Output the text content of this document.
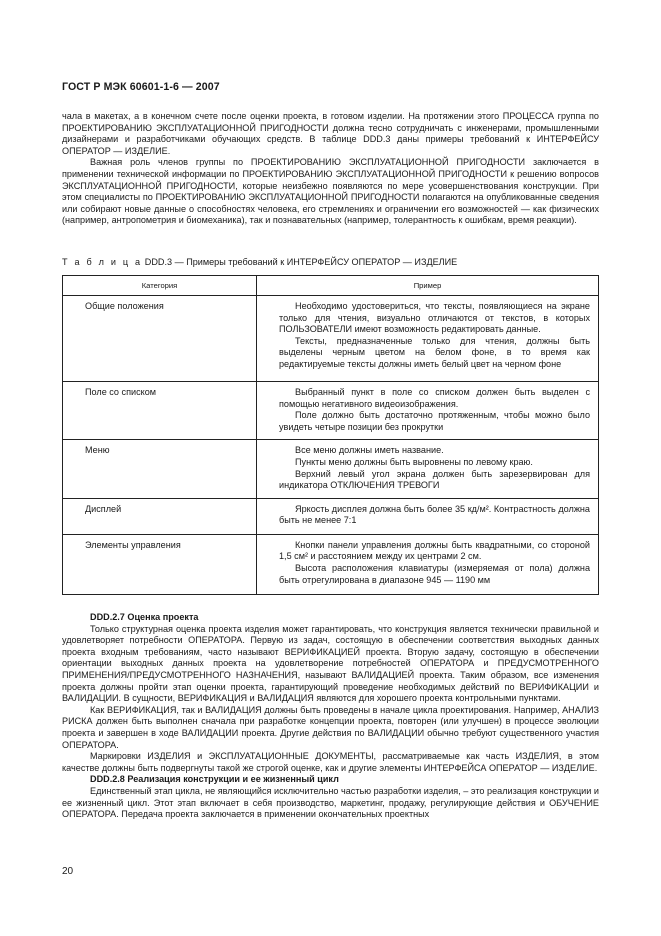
ГОСТ Р МЭК 60601-1-6 — 2007

чала в макетах, а в конечном счете после оценки проекта, в готовом изделии. На протяжении этого ПРОЦЕССА группа по ПРОЕКТИРОВАНИЮ ЭКСПЛУАТАЦИОННОЙ ПРИГОДНОСТИ должна тесно сотрудничать с инженерами, промышленными дизайнерами и разработчиками обучающих средств. В таблице DDD.3 даны примеры требований к ИНТЕРФЕЙСУ ОПЕРАТОР — ИЗДЕЛИЕ.

Важная роль членов группы по ПРОЕКТИРОВАНИЮ ЭКСПЛУАТАЦИОННОЙ ПРИГОДНОСТИ заключается в применении технической информации по ПРОЕКТИРОВАНИЮ ЭКСПЛУАТАЦИОННОЙ ПРИГОДНОСТИ к решению вопросов ЭКСПЛУАТАЦИОННОЙ ПРИГОДНОСТИ, которые неизбежно появляются по мере усовершенствования конструкции. При этом специалисты по ПРОЕКТИРОВАНИЮ ЭКСПЛУАТАЦИОННОЙ ПРИГОДНОСТИ полагаются на опубликованные сведения или собирают новые данные о способностях человека, его стремлениях и ограничении его возможностей — как физических (например, антропометрия и биомеханика), так и познавательных (например, толерантность к ошибкам, время реакции).

Т а б л и ц а DDD.3 — Примеры требований к ИНТЕРФЕЙСУ ОПЕРАТОР — ИЗДЕЛИЕ
Категория	Пример
Общие положения	Необходимо удостовериться, что тексты, появляющиеся на экране только для чтения, визуально отличаются от текстов, в которых ПОЛЬЗОВАТЕЛИ имеют возможность редактировать данные.

Тексты, предназначенные только для чтения, должны быть выделены черным цветом на белом фоне, в то время как редактируемые тексты должны иметь белый цвет на черном фоне

Поле со списком	Выбранный пункт в поле со списком должен быть выделен с помощью негативного видеоизображения.

Поле должно быть достаточно протяженным, чтобы можно было увидеть четыре позиции без прокрутки

Меню	Все меню должны иметь название.

Пункты меню должны быть выровнены по левому краю.

Верхний левый угол экрана должен быть зарезервирован для индикатора ОТКЛЮЧЕНИЯ ТРЕВОГИ

Дисплей	Яркость дисплея должна быть более 35 кд/м². Контрастность должна быть не менее 7:1

Элементы управления	Кнопки панели управления должны быть квадратными, со стороной 1,5 см² и расстоянием между их центрами 2 см.

Высота расположения клавиатуры (измеряемая от пола) должна быть отрегулирована в диапазоне 945 — 1190 мм

DDD.2.7 Оценка проекта

Только структурная оценка проекта изделия может гарантировать, что конструкция является технически правильной и удовлетворяет потребности ОПЕРАТОРА. Первую из задач, состоящую в обеспечении соответствия выходных данных проекта входным требованиям, часто называют ВЕРИФИКАЦИЕЙ проекта. Вторую задачу, состоящую в обеспечении ориентации выходных данных проекта на удовлетворение потребностей ОПЕРАТОРА и ПРЕДУСМОТРЕННОГО ПРИМЕНЕНИЯ/ПРЕДУСМОТРЕННОГО НАЗНАЧЕНИЯ, называют ВАЛИДАЦИЕЙ проекта. Таким образом, все изменения проекта должны пройти этап оценки проекта, гарантирующий проведение необходимых действий по ВЕРИФИКАЦИИ и ВАЛИДАЦИИ. В сущности, ВЕРИФИКАЦИЯ и ВАЛИДАЦИЯ являются для хорошего проекта контрольными пунктами.

Как ВЕРИФИКАЦИЯ, так и ВАЛИДАЦИЯ должны быть проведены в начале цикла проектирования. Например, АНАЛИЗ РИСКА должен быть выполнен сначала при разработке концепции проекта, повторен (или улучшен) в процессе эволюции проекта и завершен в ходе ВАЛИДАЦИИ проекта. Другие действия по ВАЛИДАЦИИ обычно требуют существенного участия ОПЕРАТОРА.

Маркировки ИЗДЕЛИЯ и ЭКСПЛУАТАЦИОННЫЕ ДОКУМЕНТЫ, рассматриваемые как часть ИЗДЕЛИЯ, в этом качестве должны быть подвергнуты такой же строгой оценке, как и другие элементы ИНТЕРФЕЙСА ОПЕРАТОР — ИЗДЕЛИЕ.

DDD.2.8 Реализация конструкции и ее жизненный цикл

Единственный этап цикла, не являющийся исключительно частью разработки изделия, – это реализация конструкции и ее жизненный цикл. Этот этап включает в себя производство, маркетинг, продажу, регулирующие действия и ОБУЧЕНИЕ ОПЕРАТОРА. Передача проекта заключается в применении окончательных проектных

20
